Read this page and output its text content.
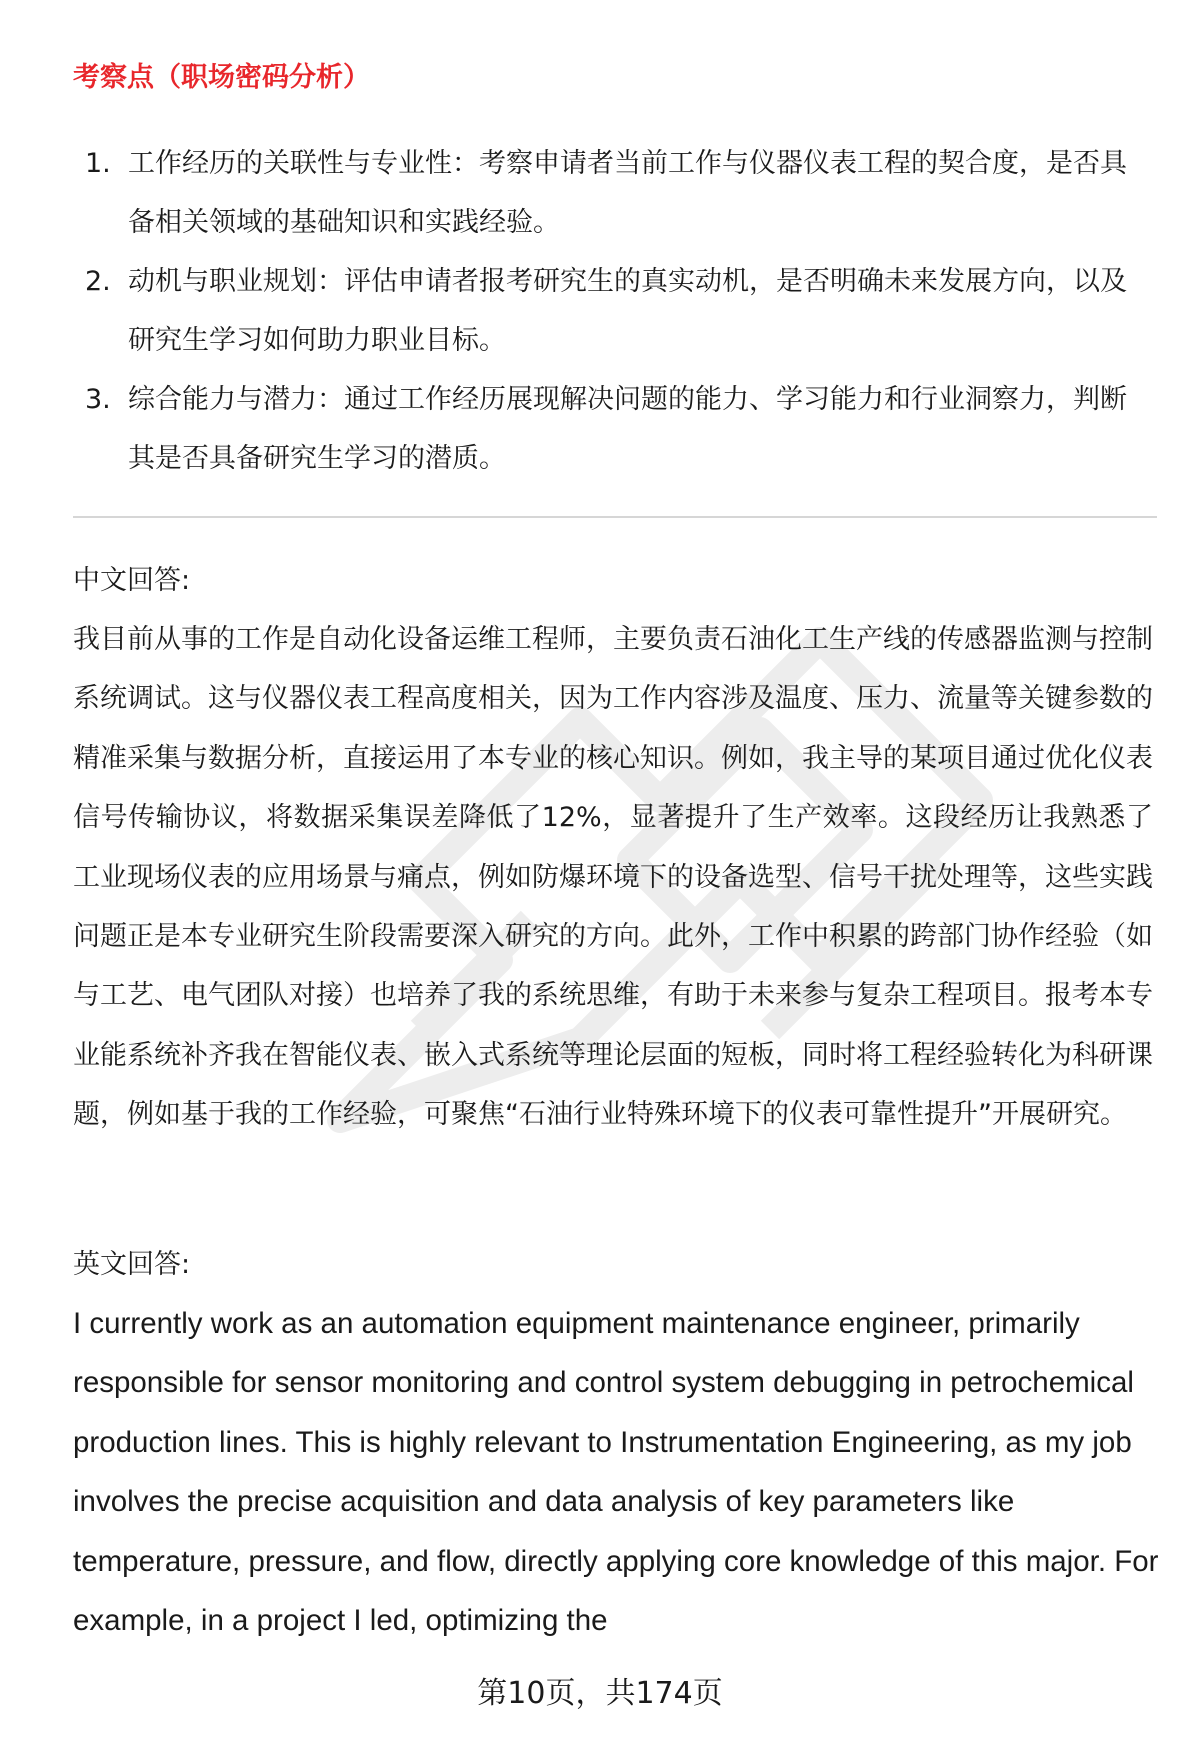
考察点（职场密码分析）
1. 工作经历的关联性与专业性：考察申请者当前工作与仪器仪表工程的契合度，是否具备相关领域的基础知识和实践经验。
2. 动机与职业规划：评估申请者报考研究生的真实动机，是否明确未来发展方向，以及研究生学习如何助力职业目标。
3. 综合能力与潜力：通过工作经历展现解决问题的能力、学习能力和行业洞察力，判断其是否具备研究生学习的潜质。

中文回答:

我目前从事的工作是自动化设备运维工程师，主要负责石油化工生产线的传感器监测与控制系统调试。这与仪器仪表工程高度相关，因为工作内容涉及温度、压力、流量等关键参数的精准采集与数据分析，直接运用了本专业的核心知识。例如，我主导的某项目通过优化仪表信号传输协议，将数据采集误差降低了12%，显著提升了生产效率。这段经历让我熟悉了工业现场仪表的应用场景与痛点，例如防爆环境下的设备选型、信号干扰处理等，这些实践问题正是本专业研究生阶段需要深入研究的方向。此外，工作中积累的跨部门协作经验（如与工艺、电气团队对接）也培养了我的系统思维，有助于未来参与复杂工程项目。报考本专业能系统补齐我在智能仪表、嵌入式系统等理论层面的短板，同时将工程经验转化为科研课题，例如基于我的工作经验，可聚焦“石油行业特殊环境下的仪表可靠性提升”开展研究。

英文回答:

I currently work as an automation equipment maintenance engineer, primarily responsible for sensor monitoring and control system debugging in petrochemical production lines. This is highly relevant to Instrumentation Engineering, as my job involves the precise acquisition and data analysis of key parameters like temperature, pressure, and flow, directly applying core knowledge of this major. For example, in a project I led, optimizing the

第10页，共174页
